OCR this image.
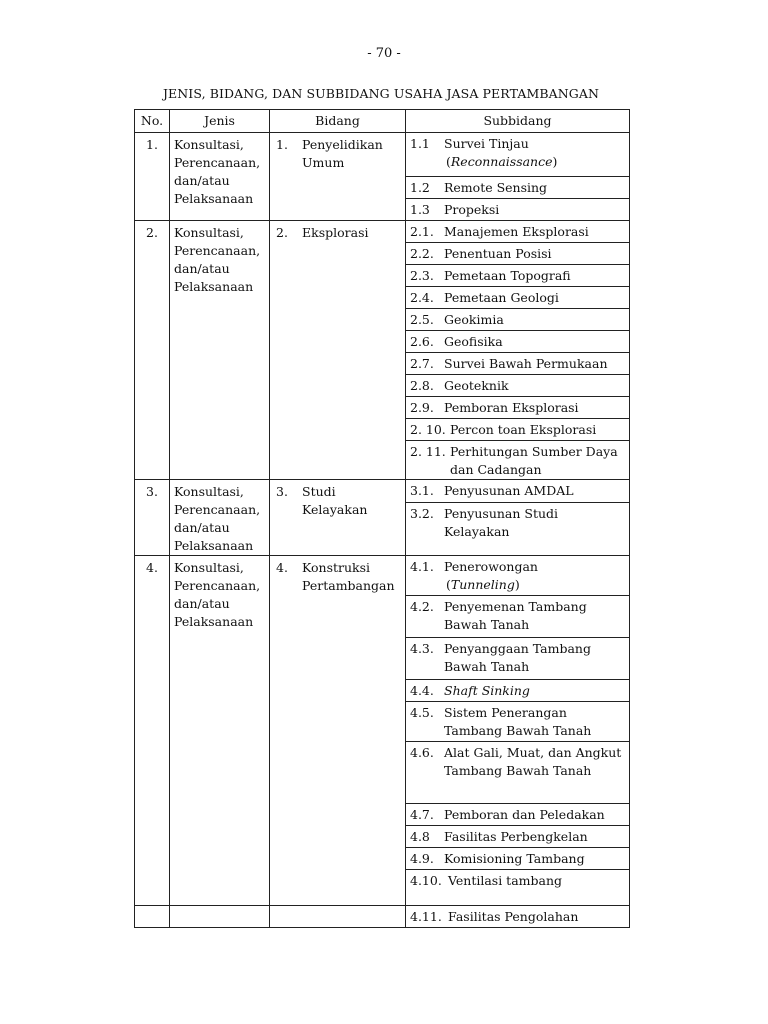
- 70 -
JENIS, BIDANG, DAN SUBBIDANG USAHA JASA PERTAMBANGAN
No.	Jenis	Bidang	Subbidang
1.	Konsultasi, Perencanaan, dan/atau Pelaksanaan	1. Penyelidikan Umum	1.1 Survei Tinjau
(Reconnaissance)

			1.2 Remote Sensing

			1.3 Propeksi

2.	Konsultasi, Perencanaan, dan/atau Pelaksanaan	2. Eksplorasi	2.1. Manajemen Eksplorasi

			2.2. Penentuan Posisi

			2.3. Pemetaan Topografi

			2.4. Pemetaan Geologi

			2.5. Geokimia

			2.6. Geofisika

			2.7. Survei Bawah Permukaan

			2.8. Geoteknik

			2.9. Pemboran Eksplorasi

			2. 10. Percon toan Eksplorasi

			2. 11. Perhitungan Sumber Daya dan Cadangan

3.	Konsultasi, Perencanaan, dan/atau Pelaksanaan	3. Studi Kelayakan	3.1. Penyusunan AMDAL

			3.2. Penyusunan Studi Kelayakan

4.	Konsultasi, Perencanaan, dan/atau Pelaksanaan	4. Konstruksi Pertambangan	4.1. Penerowongan
(Tunneling)

			4.2. Penyemenan Tambang Bawah Tanah

			4.3. Penyanggaan Tambang Bawah Tanah

			4.4. Shaft Sinking

			4.5. Sistem Penerangan Tambang Bawah Tanah

			4.6. Alat Gali, Muat, dan Angkut Tambang Bawah Tanah

			4.7. Pemboran dan Peledakan

			4.8 Fasilitas Perbengkelan

			4.9. Komisioning Tambang

			4.10. Ventilasi tambang

			4.11. Fasilitas Pengolahan
